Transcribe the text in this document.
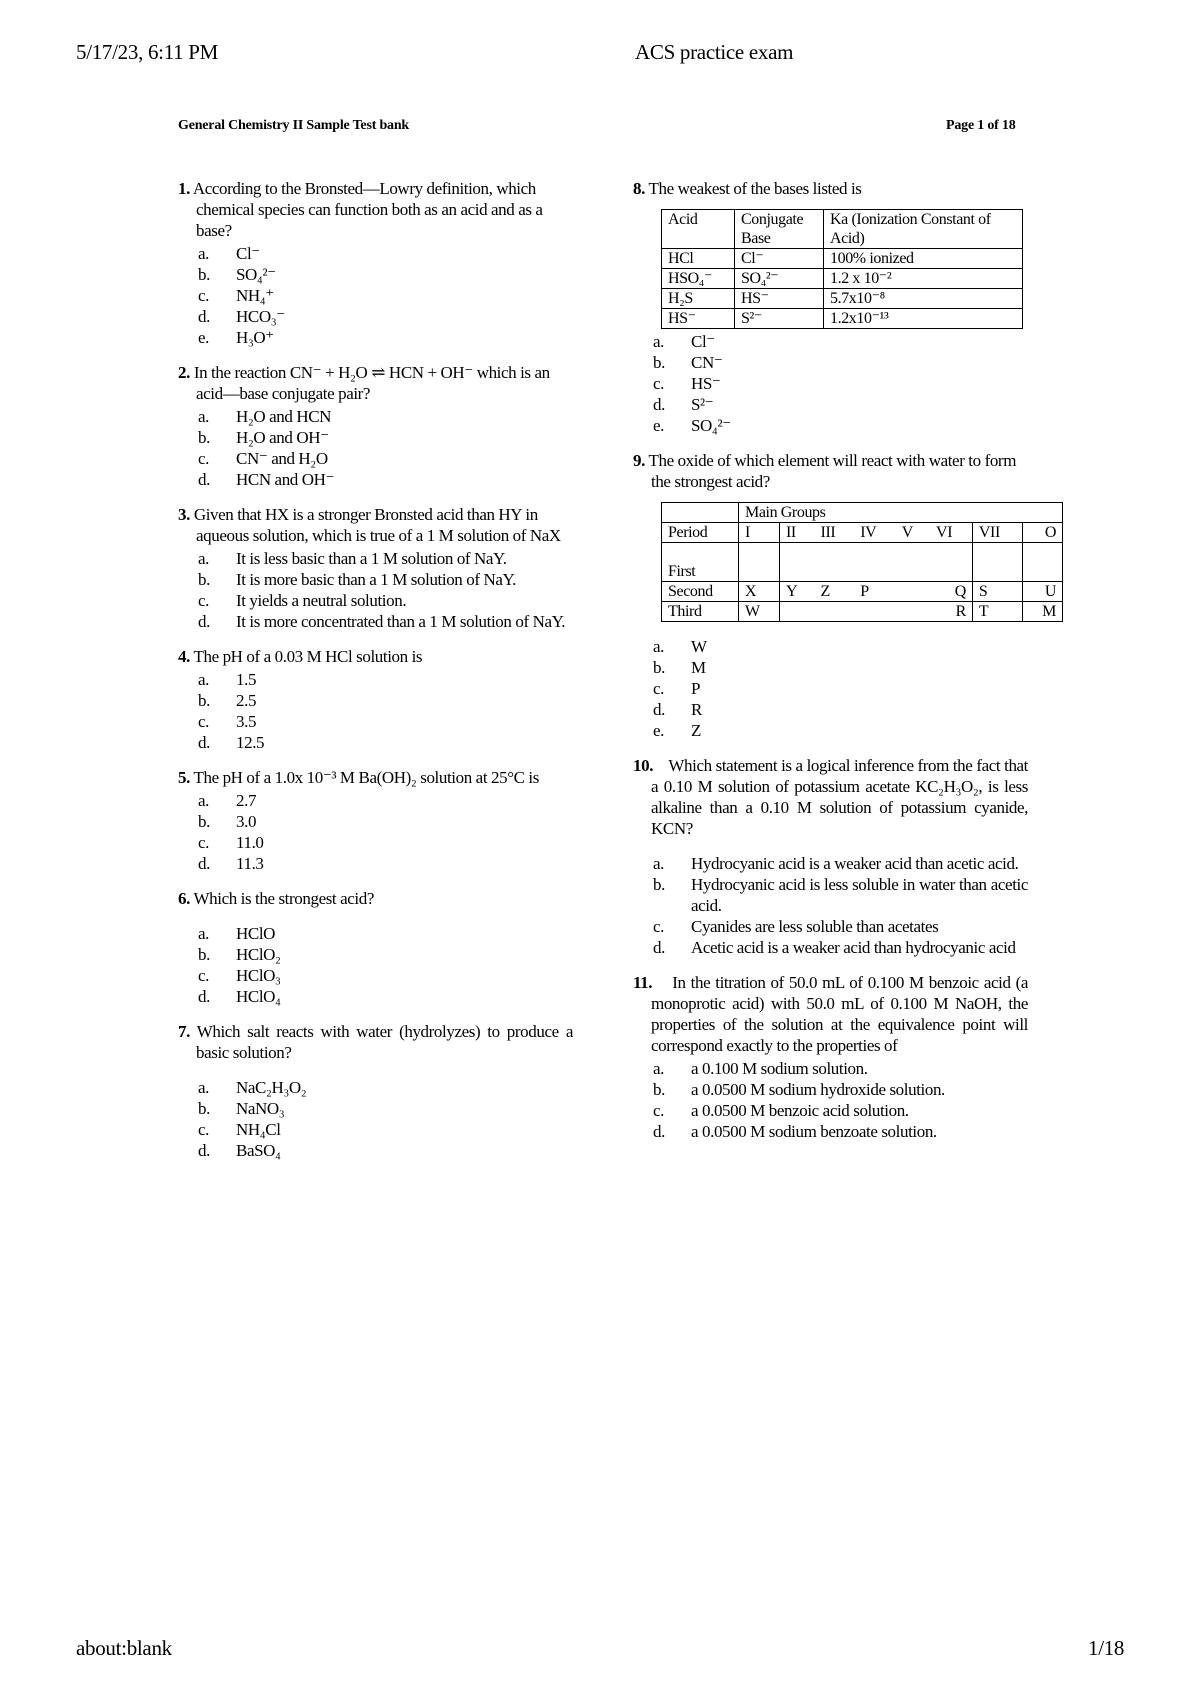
5/17/23, 6:11 PM	ACS practice exam
General Chemistry II Sample Test bank	Page 1 of 18
1. According to the Bronsted—Lowry definition, which chemical species can function both as an acid and as a base?
a.	Cl⁻
b.	SO₄²⁻
c.	NH₄⁺
d.	HCO₃⁻
e.	H₃O⁺
2. In the reaction CN⁻ + H₂O ⇌ HCN + OH⁻ which is an acid—base conjugate pair?
a.	H₂O and HCN
b.	H₂O and OH⁻
c.	CN⁻ and H₂O
d.	HCN and OH⁻
3. Given that HX is a stronger Bronsted acid than HY in aqueous solution, which is true of a 1 M solution of NaX
a.	It is less basic than a 1 M solution of NaY.
b.	It is more basic than a 1 M solution of NaY.
c.	It yields a neutral solution.
d.	It is more concentrated than a 1 M solution of NaY.
4. The pH of a 0.03 M HCl solution is
a.	1.5
b.	2.5
c.	3.5
d.	12.5
5. The pH of a 1.0x 10⁻³ M Ba(OH)₂ solution at 25°C is
a.	2.7
b.	3.0
c.	11.0
d.	11.3
6. Which is the strongest acid?
a.	HClO
b.	HClO₂
c.	HClO₃
d.	HClO₄
7. Which salt reacts with water (hydrolyzes) to produce a basic solution?
a.	NaC₂H₃O₂
b.	NaNO₃
c.	NH₄Cl
d.	BaSO₄
8. The weakest of the bases listed is
Acid	Conjugate Base	Ka (Ionization Constant of Acid)
HCl	Cl⁻	100% ionized
HSO₄⁻	SO₄²⁻	1.2 x 10⁻²
H₂S	HS⁻	5.7x10⁻⁸
HS⁻	S²⁻	1.2x10⁻¹³
a.	Cl⁻
b.	CN⁻
c.	HS⁻
d.	S²⁻
e.	SO₄²⁻
9. The oxide of which element will react with water to form the strongest acid?
	Main Groups							
Period	I	II	III	IV	V	VI	VII	O
First								
Second	X	Y	Z	P		Q	S	U
Third	W					R	T	M
a.	W
b.	M
c.	P
d.	R
e.	Z
10. Which statement is a logical inference from the fact that a 0.10 M solution of potassium acetate KC₂H₃O₂, is less alkaline than a 0.10 M solution of potassium cyanide, KCN?
a.	Hydrocyanic acid is a weaker acid than acetic acid.
b.	Hydrocyanic acid is less soluble in water than acetic acid.
c.	Cyanides are less soluble than acetates
d.	Acetic acid is a weaker acid than hydrocyanic acid
11. In the titration of 50.0 mL of 0.100 M benzoic acid (a monoprotic acid) with 50.0 mL of 0.100 M NaOH, the properties of the solution at the equivalence point will correspond exactly to the properties of
a.	a 0.100 M sodium solution.
b.	a 0.0500 M sodium hydroxide solution.
c.	a 0.0500 M benzoic acid solution.
d.	a 0.0500 M sodium benzoate solution.
about:blank	1/18
